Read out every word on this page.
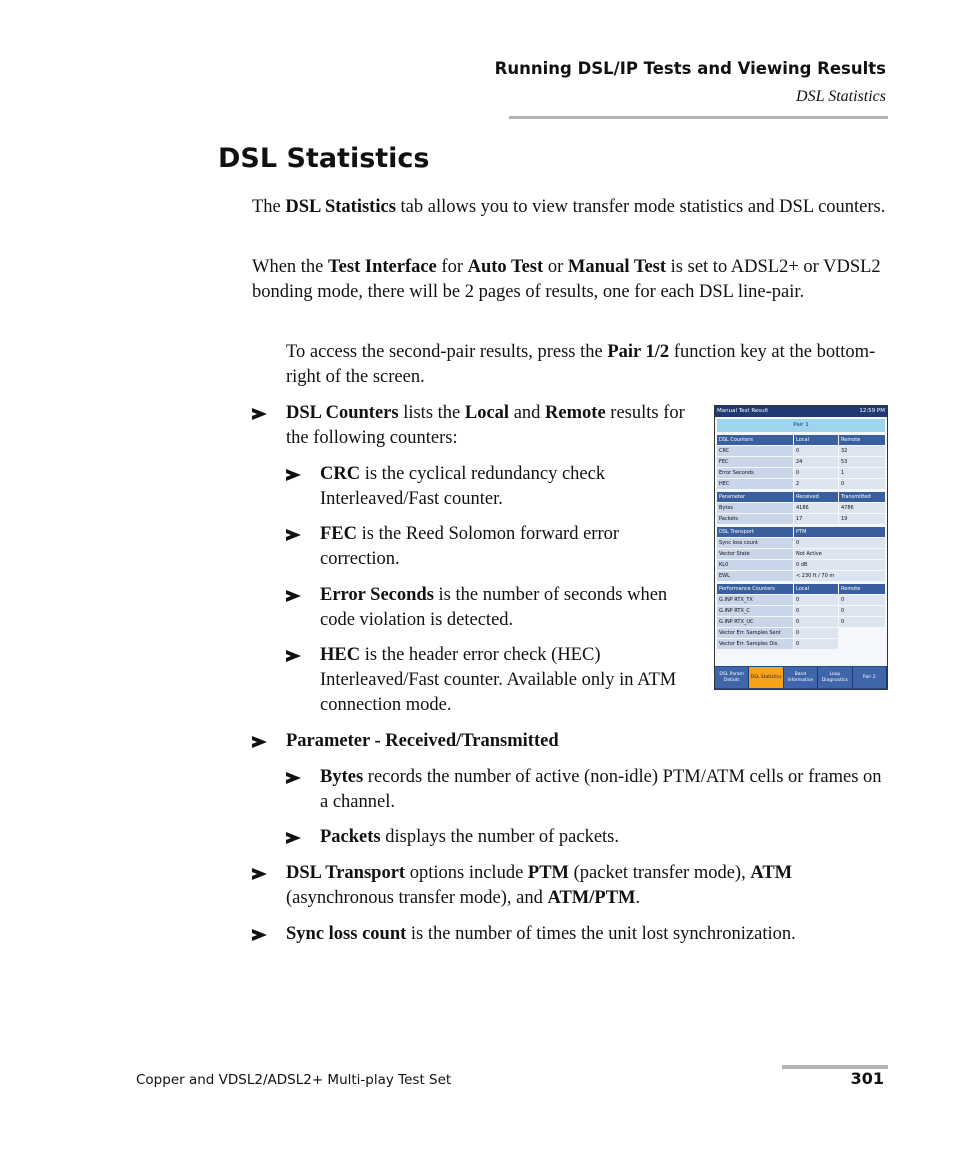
Running DSL/IP Tests and Viewing Results
DSL Statistics
DSL Statistics

The DSL Statistics tab allows you to view transfer mode statistics and DSL counters.

When the Test Interface for Auto Test or Manual Test is set to ADSL2+ or VDSL2 bonding mode, there will be 2 pages of results, one for each DSL line-pair.

To access the second-pair results, press the Pair 1/2 function key at the bottom-right of the screen.

DSL Counters lists the Local and Remote results for the following counters:
CRC is the cyclical redundancy check Interleaved/Fast counter.
FEC is the Reed Solomon forward error correction.
Error Seconds is the number of seconds when code violation is detected.
HEC is the header error check (HEC) Interleaved/Fast counter. Available only in ATM connection mode.
Parameter - Received/Transmitted
Bytes records the number of active (non-idle) PTM/ATM cells or frames on a channel.
Packets displays the number of packets.
DSL Transport options include PTM (packet transfer mode), ATM (asynchronous transfer mode), and ATM/PTM.
Sync loss count is the number of times the unit lost synchronization.
Manual Test Result	12:59 PM
Pair 1
DSL Counters	Local	Remote
CRC	0	32
FEC	24	53
Error Seconds	0	1
HEC	2	0
Parameter	Received	Transmitted
Bytes	4186	4786
Packets	17	19
DSL Transport	PTM
Sync loss count	0
Vector State	Not Active
KL0	0 dB
EWL	< 230 ft / 70 m
Performance Counters	Local	Remote
G.INP RTX_TX	0	0
G.INP RTX_C	0	0
G.INP RTX_UC	0	0
Vector Err. Samples Sent	0
Vector Err. Samples Dis.	0
DSL Param Details
DSL Statistics
Band Information
Loop Diagnostics
Pair 2
Copper and VDSL2/ADSL2+ Multi-play Test Set	301
